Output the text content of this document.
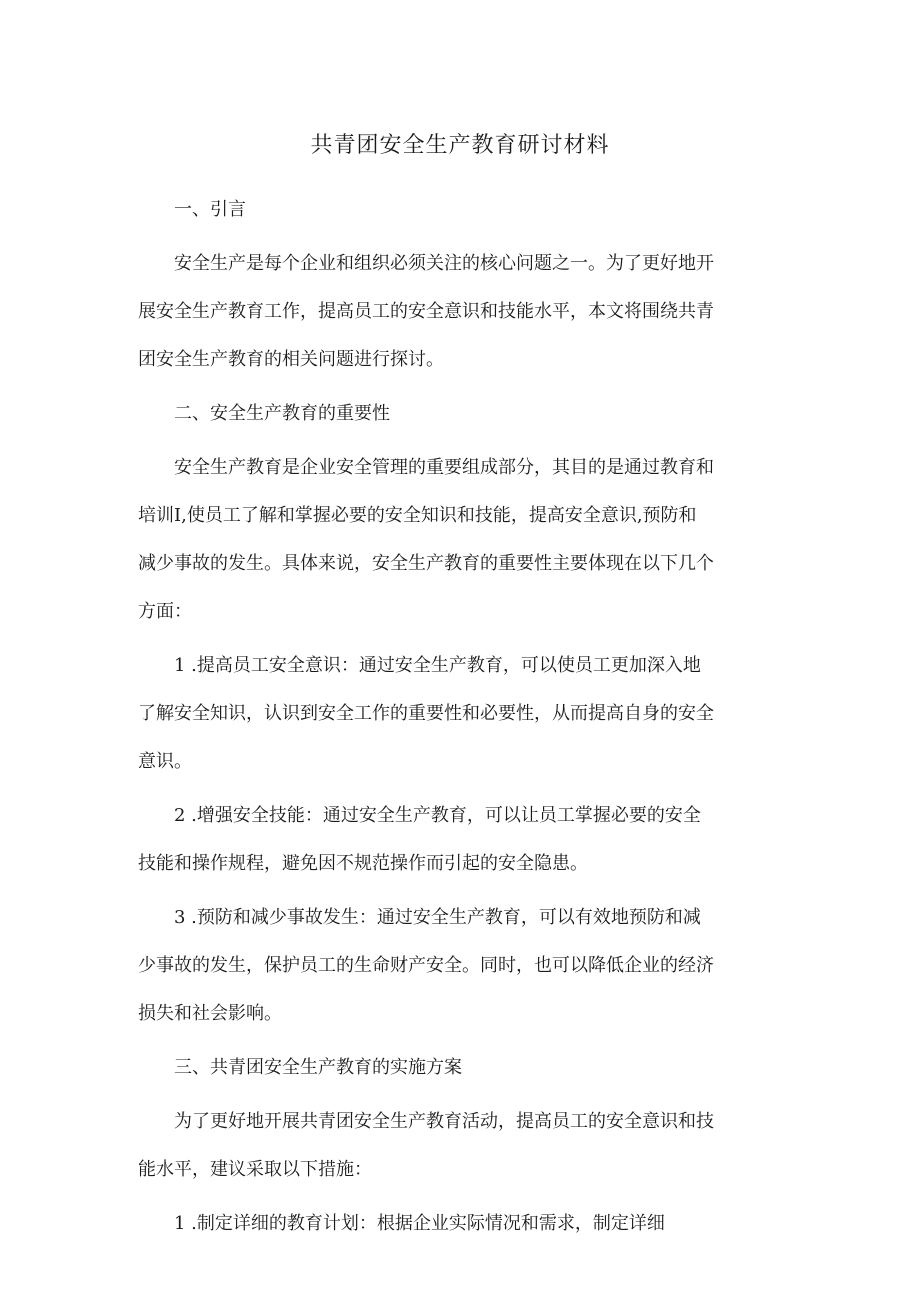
共青团安全生产教育研讨材料

一、引言

安全生产是每个企业和组织必须关注的核心问题之一。为了更好地开
展安全生产教育工作，提高员工的安全意识和技能水平，本文将围绕共青
团安全生产教育的相关问题进行探讨。

二、安全生产教育的重要性

安全生产教育是企业安全管理的重要组成部分，其目的是通过教育和
培训I,使员工了解和掌握必要的安全知识和技能，提高安全意识,预防和
减少事故的发生。具体来说，安全生产教育的重要性主要体现在以下几个
方面：

1 .提高员工安全意识：通过安全生产教育，可以使员工更加深入地
了解安全知识，认识到安全工作的重要性和必要性，从而提高自身的安全
意识。

2 .增强安全技能：通过安全生产教育，可以让员工掌握必要的安全
技能和操作规程，避免因不规范操作而引起的安全隐患。

3 .预防和减少事故发生：通过安全生产教育，可以有效地预防和减
少事故的发生，保护员工的生命财产安全。同时，也可以降低企业的经济
损失和社会影响。

三、共青团安全生产教育的实施方案

为了更好地开展共青团安全生产教育活动，提高员工的安全意识和技
能水平，建议采取以下措施：

1 .制定详细的教育计划：根据企业实际情况和需求，制定详细
